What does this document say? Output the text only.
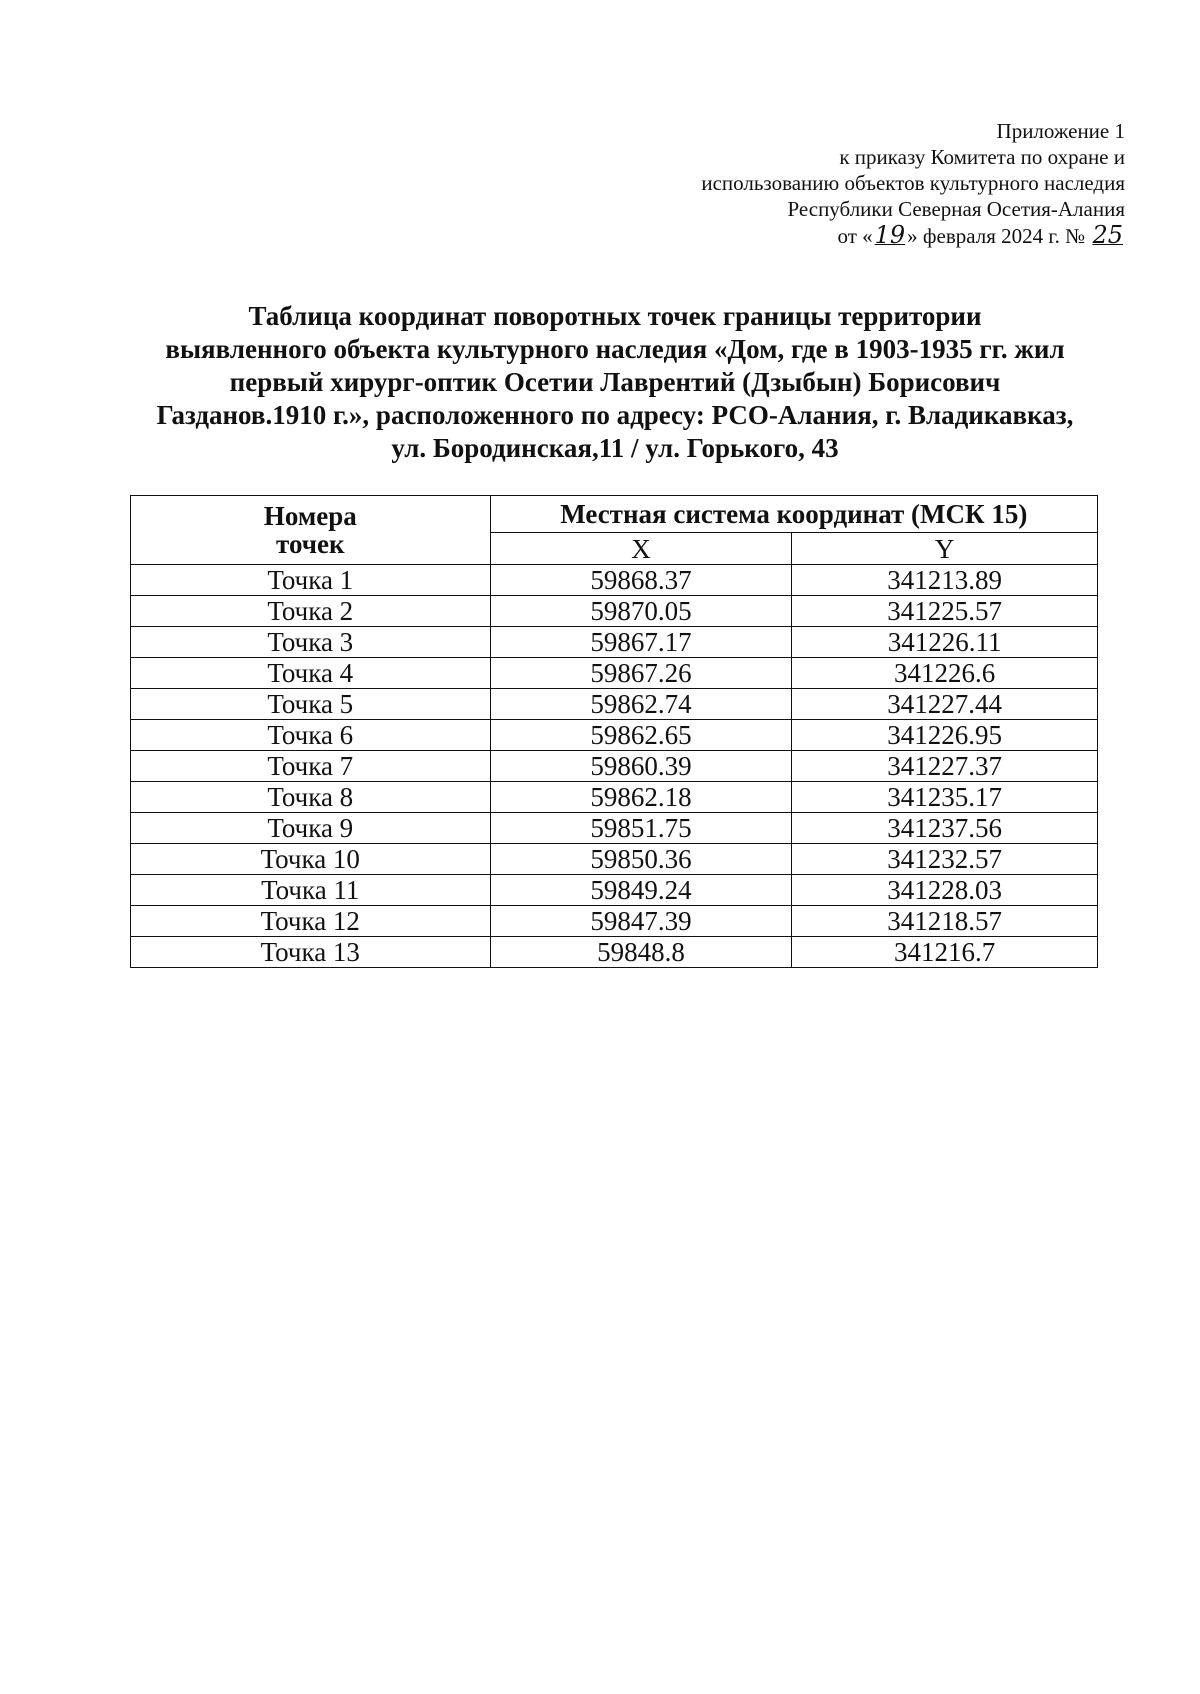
Приложение 1
к приказу Комитета по охране и
использованию объектов культурного наследия
Республики Северная Осетия-Алания
от «19» февраля 2024 г. № 25
Таблица координат поворотных точек границы территории
выявленного объекта культурного наследия «Дом, где в 1903-1935 гг. жил
первый хирург-оптик Осетии Лаврентий (Дзыбын) Борисович
Газданов.1910 г.», расположенного по адресу: РСО-Алания, г. Владикавказ,
ул. Бородинская,11 / ул. Горького, 43
Номера
точек	Местная система координат (МСК 15)	
	X	Y
Точка 1	59868.37	341213.89
Точка 2	59870.05	341225.57
Точка 3	59867.17	341226.11
Точка 4	59867.26	341226.6
Точка 5	59862.74	341227.44
Точка 6	59862.65	341226.95
Точка 7	59860.39	341227.37
Точка 8	59862.18	341235.17
Точка 9	59851.75	341237.56
Точка 10	59850.36	341232.57
Точка 11	59849.24	341228.03
Точка 12	59847.39	341218.57
Точка 13	59848.8	341216.7
